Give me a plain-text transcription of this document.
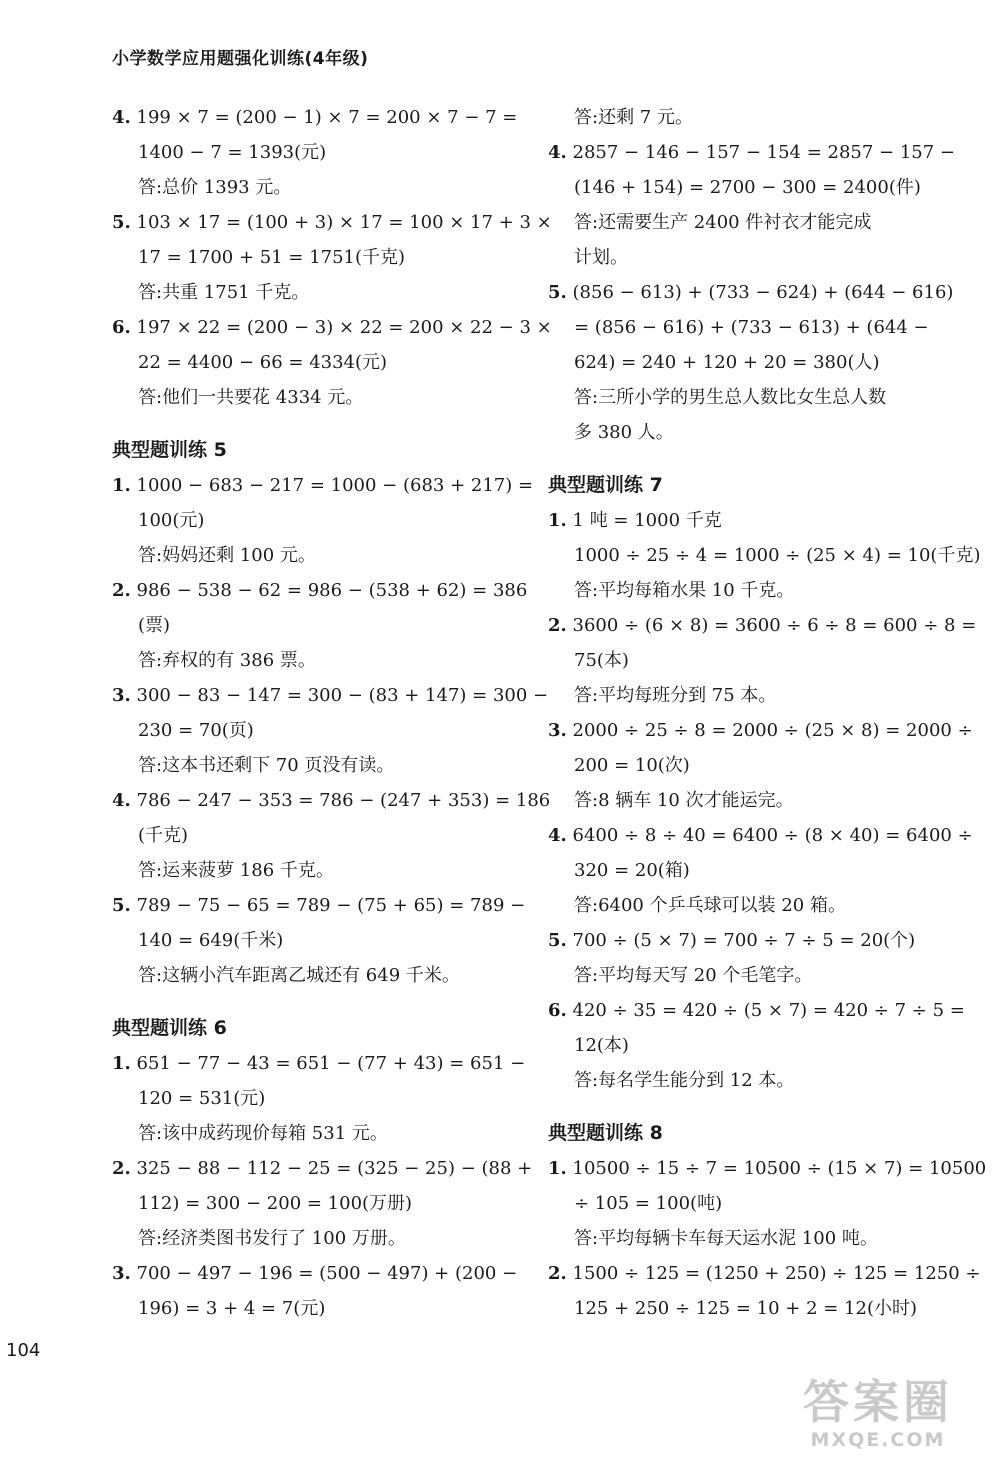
小学数学应用题强化训练(4年级)
4. 199 × 7 = (200 − 1) × 7 = 200 × 7 − 7 =
1400 − 7 = 1393(元)
答:总价 1393 元。
5. 103 × 17 = (100 + 3) × 17 = 100 × 17 + 3 ×
17 = 1700 + 51 = 1751(千克)
答:共重 1751 千克。
6. 197 × 22 = (200 − 3) × 22 = 200 × 22 − 3 ×
22 = 4400 − 66 = 4334(元)
答:他们一共要花 4334 元。
典型题训练 5
1. 1000 − 683 − 217 = 1000 − (683 + 217) =
100(元)
答:妈妈还剩 100 元。
2. 986 − 538 − 62 = 986 − (538 + 62) = 386
(票)
答:弃权的有 386 票。
3. 300 − 83 − 147 = 300 − (83 + 147) = 300 −
230 = 70(页)
答:这本书还剩下 70 页没有读。
4. 786 − 247 − 353 = 786 − (247 + 353) = 186
(千克)
答:运来菠萝 186 千克。
5. 789 − 75 − 65 = 789 − (75 + 65) = 789 −
140 = 649(千米)
答:这辆小汽车距离乙城还有 649 千米。
典型题训练 6
1. 651 − 77 − 43 = 651 − (77 + 43) = 651 −
120 = 531(元)
答:该中成药现价每箱 531 元。
2. 325 − 88 − 112 − 25 = (325 − 25) − (88 +
112) = 300 − 200 = 100(万册)
答:经济类图书发行了 100 万册。
3. 700 − 497 − 196 = (500 − 497) + (200 −
196) = 3 + 4 = 7(元)
答:还剩 7 元。
4. 2857 − 146 − 157 − 154 = 2857 − 157 −
(146 + 154) = 2700 − 300 = 2400(件)
答:还需要生产 2400 件衬衣才能完成
计划。
5. (856 − 613) + (733 − 624) + (644 − 616)
= (856 − 616) + (733 − 613) + (644 −
624) = 240 + 120 + 20 = 380(人)
答:三所小学的男生总人数比女生总人数
多 380 人。
典型题训练 7
1. 1 吨 = 1000 千克
1000 ÷ 25 ÷ 4 = 1000 ÷ (25 × 4) = 10(千克)
答:平均每箱水果 10 千克。
2. 3600 ÷ (6 × 8) = 3600 ÷ 6 ÷ 8 = 600 ÷ 8 =
75(本)
答:平均每班分到 75 本。
3. 2000 ÷ 25 ÷ 8 = 2000 ÷ (25 × 8) = 2000 ÷
200 = 10(次)
答:8 辆车 10 次才能运完。
4. 6400 ÷ 8 ÷ 40 = 6400 ÷ (8 × 40) = 6400 ÷
320 = 20(箱)
答:6400 个乒乓球可以装 20 箱。
5. 700 ÷ (5 × 7) = 700 ÷ 7 ÷ 5 = 20(个)
答:平均每天写 20 个毛笔字。
6. 420 ÷ 35 = 420 ÷ (5 × 7) = 420 ÷ 7 ÷ 5 =
12(本)
答:每名学生能分到 12 本。
典型题训练 8
1. 10500 ÷ 15 ÷ 7 = 10500 ÷ (15 × 7) = 10500
÷ 105 = 100(吨)
答:平均每辆卡车每天运水泥 100 吨。
2. 1500 ÷ 125 = (1250 + 250) ÷ 125 = 1250 ÷
125 + 250 ÷ 125 = 10 + 2 = 12(小时)
104
答案圈
MXQE.COM
